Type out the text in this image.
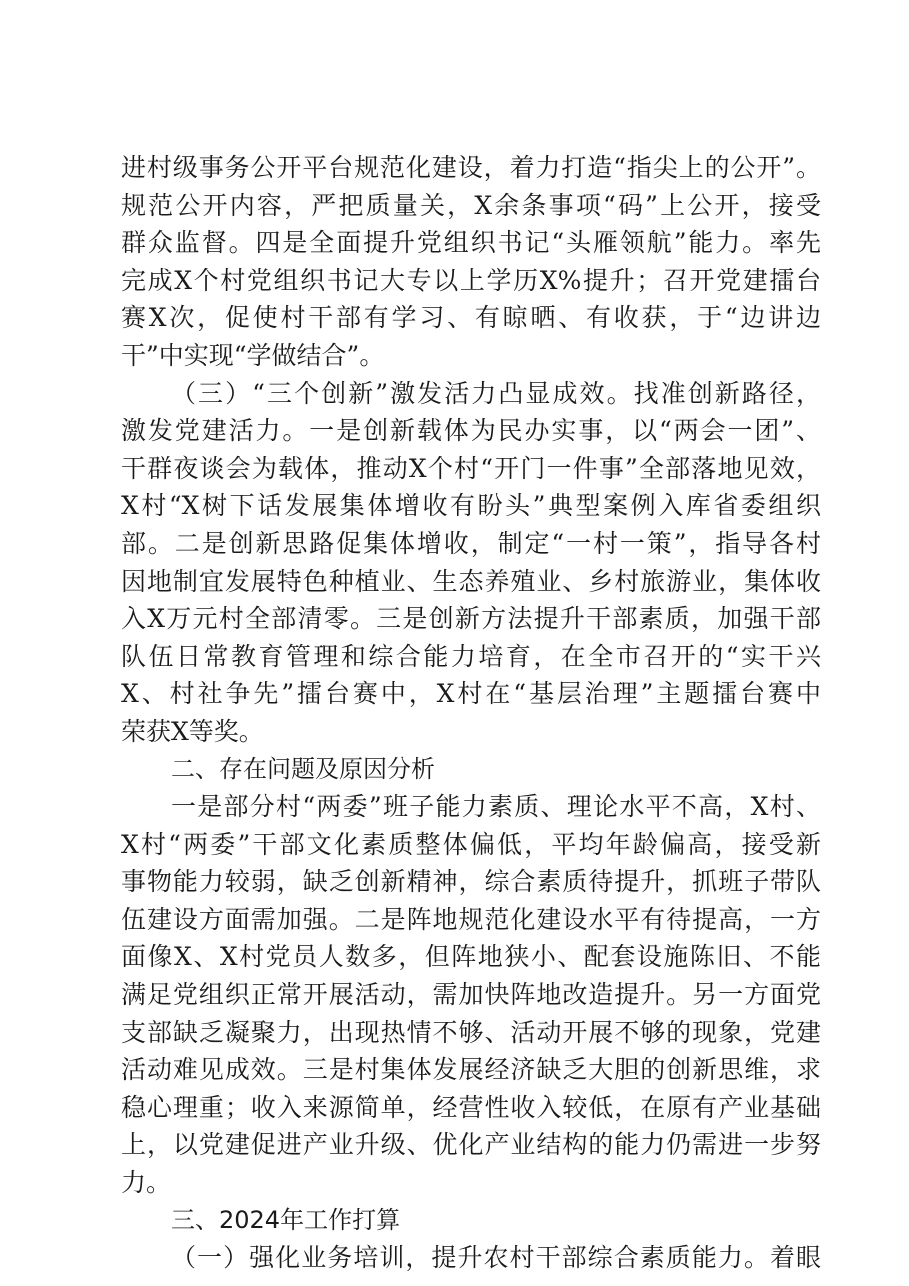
进村级事务公开平台规范化建设，着力打造“指尖上的公开”。
规范公开内容，严把质量关，X余条事项“码”上公开，接受
群众监督。四是全面提升党组织书记“头雁领航”能力。率先
完成X个村党组织书记大专以上学历X%提升；召开党建擂台
赛X次，促使村干部有学习、有晾晒、有收获，于“边讲边
干”中实现“学做结合”。
（三）“三个创新”激发活力凸显成效。找准创新路径，
激发党建活力。一是创新载体为民办实事，以“两会一团”、
干群夜谈会为载体，推动X个村“开门一件事”全部落地见效，
X村“X树下话发展集体增收有盼头”典型案例入库省委组织
部。二是创新思路促集体增收，制定“一村一策”，指导各村
因地制宜发展特色种植业、生态养殖业、乡村旅游业，集体收
入X万元村全部清零。三是创新方法提升干部素质，加强干部
队伍日常教育管理和综合能力培育，在全市召开的“实干兴
X、村社争先”擂台赛中，X村在“基层治理”主题擂台赛中
荣获X等奖。
二、存在问题及原因分析
一是部分村“两委”班子能力素质、理论水平不高，X村、
X村“两委”干部文化素质整体偏低，平均年龄偏高，接受新
事物能力较弱，缺乏创新精神，综合素质待提升，抓班子带队
伍建设方面需加强。二是阵地规范化建设水平有待提高，一方
面像X、X村党员人数多，但阵地狭小、配套设施陈旧、不能
满足党组织正常开展活动，需加快阵地改造提升。另一方面党
支部缺乏凝聚力，出现热情不够、活动开展不够的现象，党建
活动难见成效。三是村集体发展经济缺乏大胆的创新思维，求
稳心理重；收入来源简单，经营性收入较低，在原有产业基础
上，以党建促进产业升级、优化产业结构的能力仍需进一步努
力。
三、2024年工作打算
（一）强化业务培训，提升农村干部综合素质能力。着眼
